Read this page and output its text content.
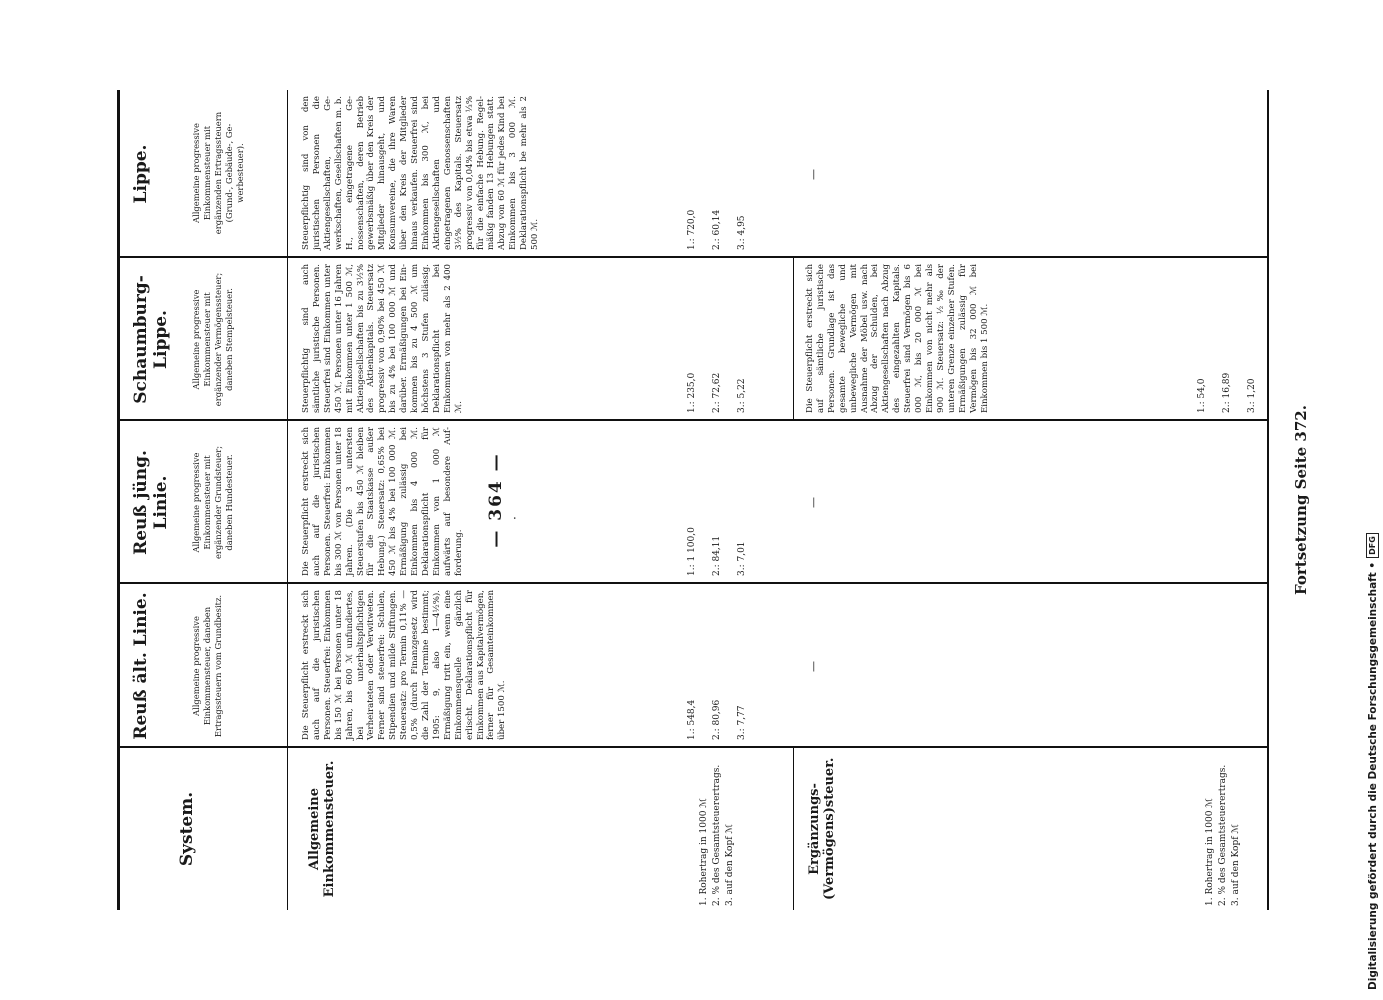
— 364 — ·
System.
Reuß ält. Linie.
Reuß jüng. Linie.
Schaumburg-Lippe.
Lippe.
Allgemeine progressive Einkommensteuer, daneben Ertragssteuern vom Grundbesitz.
Allgemeine progressive Einkommensteuer mit ergänzender Grundsteuer; daneben Hundesteuer.
Allgemeine progressive Einkommensteuer mit ergänzender Vermögenssteuer; daneben Stempelsteuer.
Allgemeine progressive Einkommensteuer mit ergänzenden Ertragssteuern (Grund-, Gebäude-, Gewerbesteuer).
Allgemeine Einkommensteuer.
Die Steuerpflicht erstreckt sich auch auf die juristischen Personen. Steuerfrei: Einkommen bis 150 ℳ bei Personen unter 18 Jahren, bis 600 ℳ unfundiertes, bei unterhaltspflichtigen Verheirateten oder Verwitweten. Ferner sind steuerfrei: Schulen, Stipendien und milde Stiftungen. Steuersatz: pro Termin 0,11% — 0,5% (durch Finanzgesetz wird die Zahl der Termine bestimmt; 1905: 9, also 1—4½%). Ermäßigung tritt ein, wenn eine Einkommensquelle gänzlich erlischt. Deklarationspflicht für Einkommen aus Kapitalvermögen, ferner für Gesamteinkommen über 1500 ℳ.
Die Steuerpflicht erstreckt sich auch auf die juristischen Personen. Steuerfrei: Einkommen bis 300 ℳ von Personen unter 18 Jahren. (Die 3 untersten Steuerstufen bis 450 ℳ bleiben für die Staatskasse außer Hebung.) Steuersatz: 0,65% bei 450 ℳ bis 4% bei 100 000 ℳ. Ermäßigung zulässig bei Einkommen bis 4 000 ℳ. Deklarationspflicht für Einkommen von 1 000 ℳ aufwärts auf besondere Aufforderung.
Steuerpflichtig sind auch sämtliche juristische Personen. Steuerfrei sind Einkommen unter 450 ℳ, Personen unter 16 Jahren mit Einkommen unter 1 500 ℳ, Aktiengesellschaften bis zu 3½% des Aktienkapitals. Steuersatz progressiv von 0,90% bei 450 ℳ bis zu 4% bei 100 000 ℳ und darüber. Ermäßigungen bei Einkommen bis zu 4 500 ℳ um höchstens 3 Stufen zulässig. Deklarationspflicht bei Einkommen von mehr als 2 400 ℳ.
Steuerpflichtig sind von den juristischen Personen die Aktiengesellschaften, Gewerkschaften, Gesellschaften m. b. H., eingetragene Genossenschaften, deren Betrieb gewerbsmäßig über den Kreis der Mitglieder hinausgeht, und Konsumvereine, die ihre Waren über den Kreis der Mitglieder hinaus verkaufen. Steuerfrei sind Einkommen bis 300 ℳ, bei Aktiengesellschaften und eingetragenen Genossenschaften 3½% des Kapitals. Steuersatz progressiv von 0,04% bis etwa ⅓% für die einfache Hebung. Regelmäßig fanden 13 Hebungen statt. Abzug von 60 ℳ für jedes Kind bei Einkommen bis 3 000 ℳ. Deklarationspflicht be mehr als 2 500 ℳ.
1. Rohertrag in 1000 ℳ 2. % des Gesamtsteuerertrags. 3. auf den Kopf ℳ
1.: 548,4 2.: 80,96 3.: 7,77
1.: 1 100,0 2.: 84,11 3.: 7,01
1.: 235,0 2.: 72,62 3.: 5,22
1.: 720,0 2.: 60,14 3.: 4,95
Ergänzungs(Vermögens)steuer.
—
—
Die Steuerpflicht erstreckt sich auf sämtliche juristische Personen. Grundlage ist das gesamte bewegliche und unbewegliche Vermögen mit Ausnahme der Möbel usw. nach Abzug der Schulden, bei Aktiengesellschaften nach Abzug des eingezahlten Kapitals. Steuerfrei sind Vermögen bis 6 000 ℳ, bis 20 000 ℳ bei Einkommen von nicht mehr als 900 ℳ. Steuersatz: ½‰ der unteren Grenze einzelner Stufen. Ermäßigungen zulässig für Vermögen bis 32 000 ℳ bei Einkommen bis 1 500 ℳ.
—
1. Rohertrag in 1000 ℳ 2. % des Gesamtsteuerertrags. 3. auf den Kopf ℳ
1.: 54,0 2.: 16,89 3.: 1,20
Fortsetzung Seite 372.
Digitalisierung gefördert durch die Deutsche Forschungsgemeinschaft •
DFG
